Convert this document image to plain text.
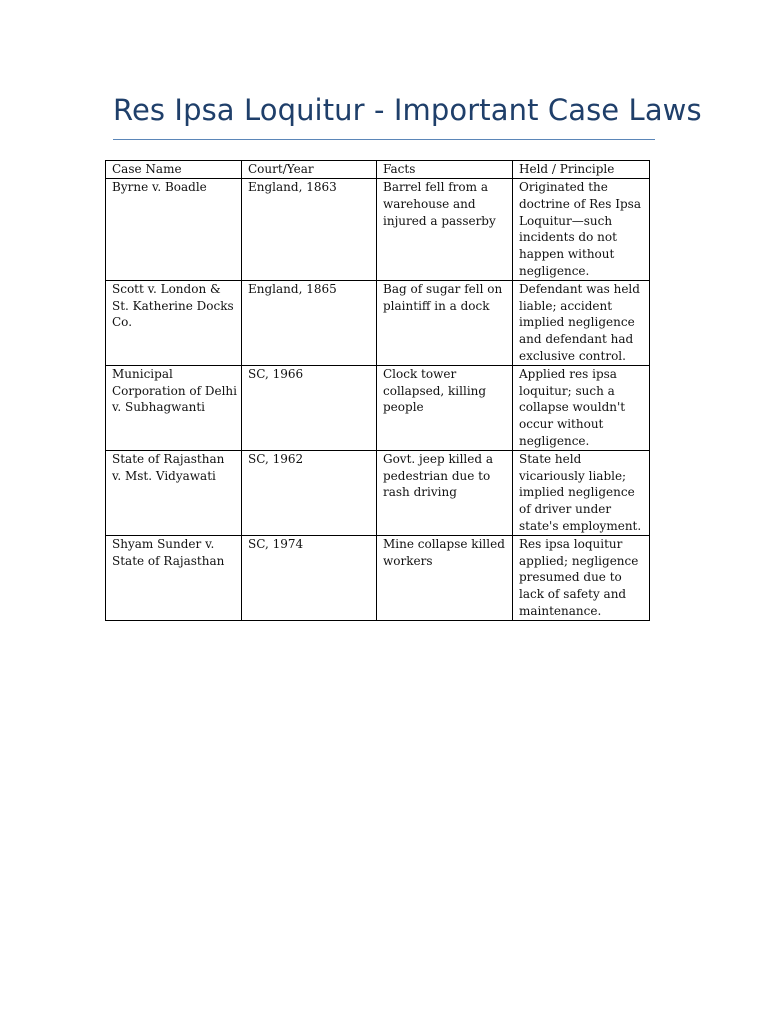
Res Ipsa Loquitur - Important Case Laws
Case Name	Court/Year	Facts	Held / Principle
Byrne v. Boadle	England, 1863	Barrel fell from a warehouse and injured a passerby	Originated the doctrine of Res Ipsa Loquitur—such incidents do not happen without negligence.
Scott v. London & St. Katherine Docks Co.	England, 1865	Bag of sugar fell on plaintiff in a dock	Defendant was held liable; accident implied negligence and defendant had exclusive control.
Municipal Corporation of Delhi v. Subhagwanti	SC, 1966	Clock tower collapsed, killing people	Applied res ipsa loquitur; such a collapse wouldn't occur without negligence.
State of Rajasthan v. Mst. Vidyawati	SC, 1962	Govt. jeep killed a pedestrian due to rash driving	State held vicariously liable; implied negligence of driver under state's employment.
Shyam Sunder v. State of Rajasthan	SC, 1974	Mine collapse killed workers	Res ipsa loquitur applied; negligence presumed due to lack of safety and maintenance.
